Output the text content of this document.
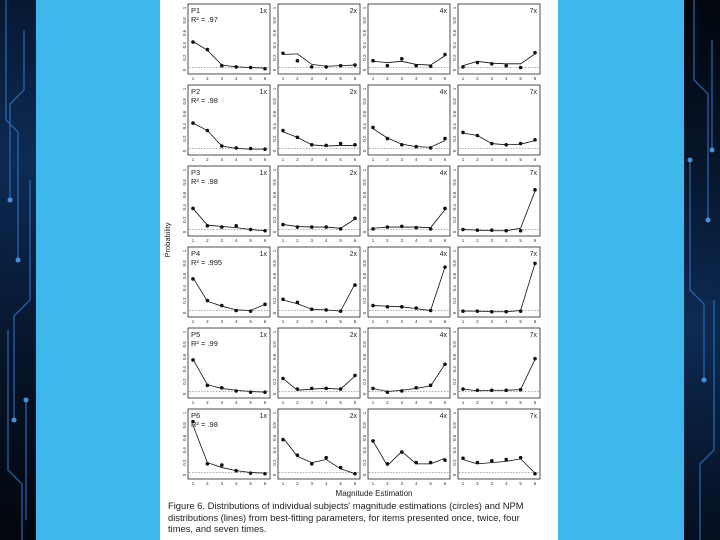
0
0.2
0.4
0.6
0.8
1
1	2	3	4	5	6
1x
P1
R² = .97
0
0.2
0.4
0.6
0.8
1
1	2	3	4	5	6
2x
0
0.2
0.4
0.6
0.8
1
1	2	3	4	5	6
4x
0
0.2
0.4
0.6
0.8
1
1	2	3	4	5	6
7x
0
0.2
0.4
0.6
0.8
1
1	2	3	4	5	6
1x
P2
R² = .98
0
0.2
0.4
0.6
0.8
1
1	2	3	4	5	6
2x
0
0.2
0.4
0.6
0.8
1
1	2	3	4	5	6
4x
0
0.2
0.4
0.6
0.8
1
1	2	3	4	5	6
7x
0
0.2
0.4
0.6
0.8
1
1	2	3	4	5	6
1x
P3
R² = .98
0
0.2
0.4
0.6
0.8
1
1	2	3	4	5	6
2x
0
0.2
0.4
0.6
0.8
1
1	2	3	4	5	6
4x
0
0.2
0.4
0.6
0.8
1
1	2	3	4	5	6
7x
0
0.2
0.4
0.6
0.8
1
1	2	3	4	5	6
1x
P4
R² = .995
0
0.2
0.4
0.6
0.8
1
1	2	3	4	5	6
2x
0
0.2
0.4
0.6
0.8
1
1	2	3	4	5	6
4x
0
0.2
0.4
0.6
0.8
1
1	2	3	4	5	6
7x
0
0.2
0.4
0.6
0.8
1
1	2	3	4	5	6
1x
P5
R² = .99
0
0.2
0.4
0.6
0.8
1
1	2	3	4	5	6
2x
0
0.2
0.4
0.6
0.8
1
1	2	3	4	5	6
4x
0
0.2
0.4
0.6
0.8
1
1	2	3	4	5	6
7x
0
0.2
0.4
0.6
0.8
1
1	2	3	4	5	6
1x
P6
R² = .98
0
0.2
0.4
0.6
0.8
1
1	2	3	4	5	6
2x
0
0.2
0.4
0.6
0.8
1
1	2	3	4	5	6
4x
0
0.2
0.4
0.6
0.8
1
1	2	3	4	5	6
7x
Probability
Magnitude Estimation

Figure 6. Distributions of individual subjects' magnitude estimations (circles) and NPM
distributions (lines) from best-fitting parameters, for items presented once, twice, four
times, and seven times.
